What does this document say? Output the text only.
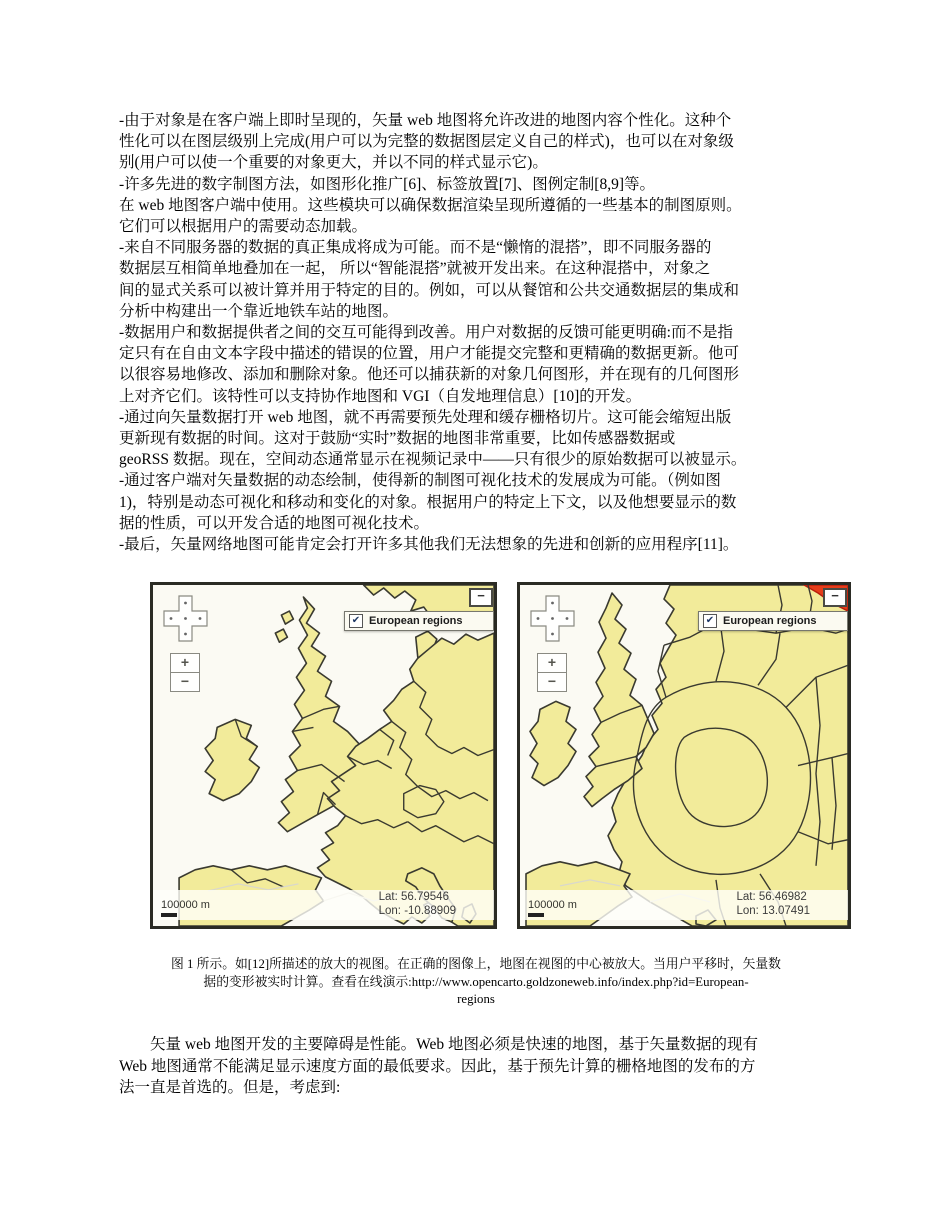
-由于对象是在客户端上即时呈现的，矢量 web 地图将允许改进的地图内容个性化。这种个
性化可以在图层级别上完成(用户可以为完整的数据图层定义自己的样式)，也可以在对象级
别(用户可以使一个重要的对象更大，并以不同的样式显示它)。
-许多先进的数字制图方法，如图形化推广[6]、标签放置[7]、图例定制[8,9]等。
在 web 地图客户端中使用。这些模块可以确保数据渲染呈现所遵循的一些基本的制图原则。
它们可以根据用户的需要动态加载。
-来自不同服务器的数据的真正集成将成为可能。而不是“懒惰的混搭”，即不同服务器的
数据层互相简单地叠加在一起， 所以“智能混搭”就被开发出来。在这种混搭中，对象之
间的显式关系可以被计算并用于特定的目的。例如，可以从餐馆和公共交通数据层的集成和
分析中构建出一个靠近地铁车站的地图。
-数据用户和数据提供者之间的交互可能得到改善。用户对数据的反馈可能更明确:而不是指
定只有在自由文本字段中描述的错误的位置，用户才能提交完整和更精确的数据更新。他可
以很容易地修改、添加和删除对象。他还可以捕获新的对象几何图形，并在现有的几何图形
上对齐它们。该特性可以支持协作地图和 VGI（自发地理信息）[10]的开发。
-通过向矢量数据打开 web 地图，就不再需要预先处理和缓存栅格切片。这可能会缩短出版
更新现有数据的时间。这对于鼓励“实时”数据的地图非常重要，比如传感器数据或
geoRSS 数据。现在，空间动态通常显示在视频记录中——只有很少的原始数据可以被显示。
-通过客户端对矢量数据的动态绘制，使得新的制图可视化技术的发展成为可能。（例如图
1)，特别是动态可视化和移动和变化的对象。根据用户的特定上下文，以及他想要显示的数
据的性质，可以开发合适的地图可视化技术。
-最后，矢量网络地图可能肯定会打开许多其他我们无法想象的先进和创新的应用程序[11]。
+
−
−
✔ European regions
100000 m
Lat: 56.79546
Lon: -10.88909
+
−
−
✔ European regions
100000 m
Lat: 56.46982
Lon: 13.07491
图 1 所示。如[12]所描述的放大的视图。在正确的图像上，地图在视图的中心被放大。当用户平移时，矢量数
据的变形被实时计算。查看在线演示:http://www.opencarto.goldzoneweb.info/index.php?id=European-
regions
矢量 web 地图开发的主要障碍是性能。Web 地图必须是快速的地图，基于矢量数据的现有
Web 地图通常不能满足显示速度方面的最低要求。因此，基于预先计算的栅格地图的发布的方
法一直是首选的。但是，考虑到:
